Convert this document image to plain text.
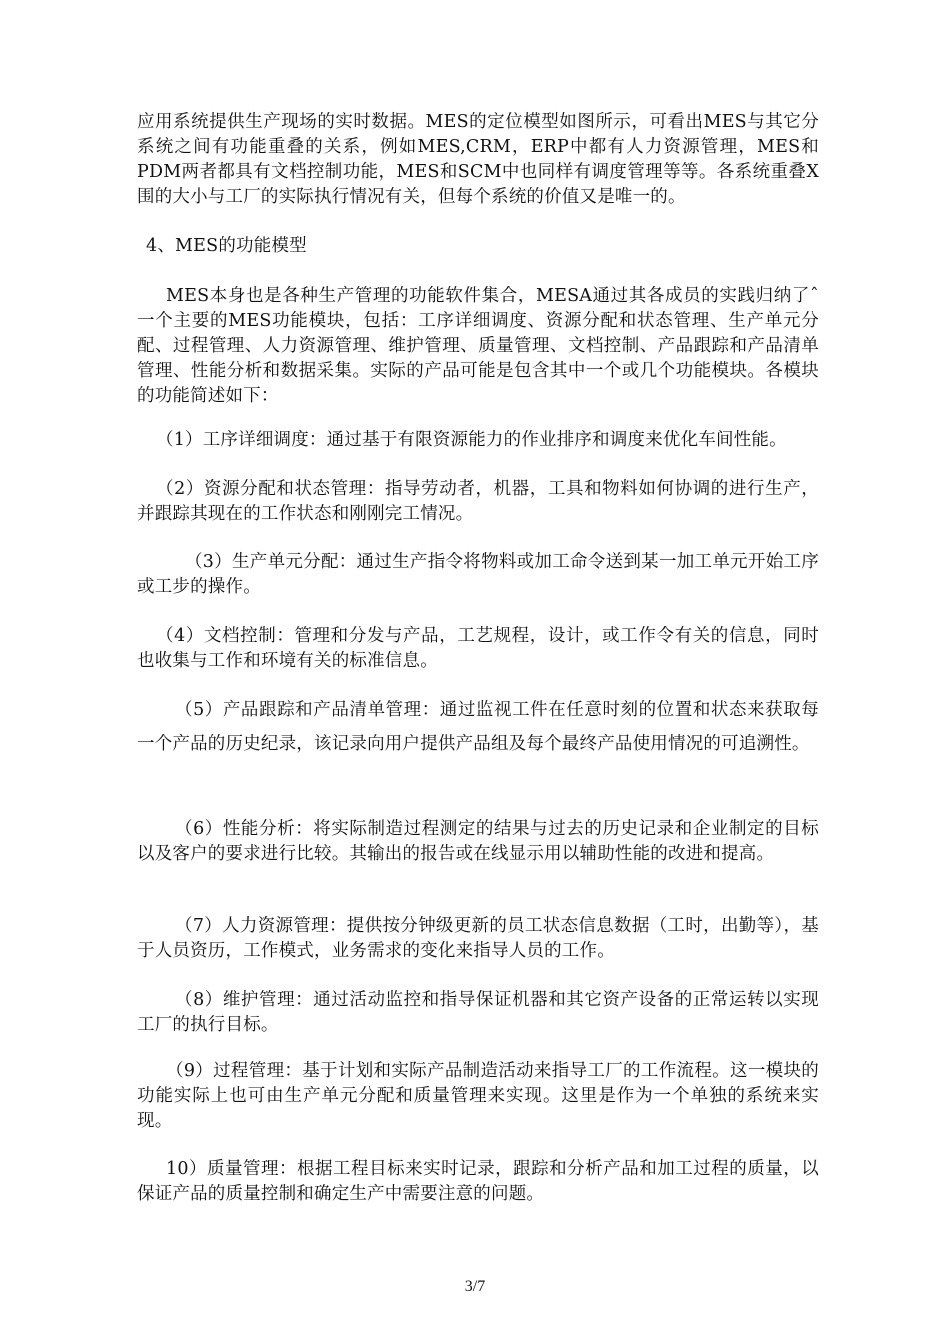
应用系统提供生产现场的实时数据。MES的定位模型如图所示，可看出MES与其它分系统之间有功能重叠的关系，例如MES,CRM，ERP中都有人力资源管理，MES和PDM两者都具有文档控制功能，MES和SCM中也同样有调度管理等等。各系统重叠Ⅹ围的大小与工厂的实际执行情况有关，但每个系统的价值又是唯一的。

4、MES的功能模型

MES本身也是各种生产管理的功能软件集合，MESA通过其各成员的实践归纳了ˆ一个主要的MES功能模块，包括：工序详细调度、资源分配和状态管理、生产单元分配、过程管理、人力资源管理、维护管理、质量管理、文档控制、产品跟踪和产品清单管理、性能分析和数据采集。实际的产品可能是包含其中一个或几个功能模块。各模块的功能简述如下：

（1）工序详细调度：通过基于有限资源能力的作业排序和调度来优化车间性能。

（2）资源分配和状态管理：指导劳动者，机器，工具和物料如何协调的进行生产，并跟踪其现在的工作状态和刚刚完工情况。

（3）生产单元分配：通过生产指令将物料或加工命令送到某一加工单元开始工序或工步的操作。

（4）文档控制：管理和分发与产品，工艺规程，设计，或工作令有关的信息，同时也收集与工作和环境有关的标准信息。

（5）产品跟踪和产品清单管理：通过监视工件在任意时刻的位置和状态来获取每一个产品的历史纪录，该记录向用户提供产品组及每个最终产品使用情况的可追溯性。

（6）性能分析：将实际制造过程测定的结果与过去的历史记录和企业制定的目标以及客户的要求进行比较。其输出的报告或在线显示用以辅助性能的改进和提高。

（7）人力资源管理：提供按分钟级更新的员工状态信息数据（工时，出勤等），基于人员资历，工作模式，业务需求的变化来指导人员的工作。

（8）维护管理：通过活动监控和指导保证机器和其它资产设备的正常运转以实现工厂的执行目标。

（9）过程管理：基于计划和实际产品制造活动来指导工厂的工作流程。这一模块的功能实际上也可由生产单元分配和质量管理来实现。这里是作为一个单独的系统来实现。

10）质量管理：根据工程目标来实时记录，跟踪和分析产品和加工过程的质量，以保证产品的质量控制和确定生产中需要注意的问题。

3/7
